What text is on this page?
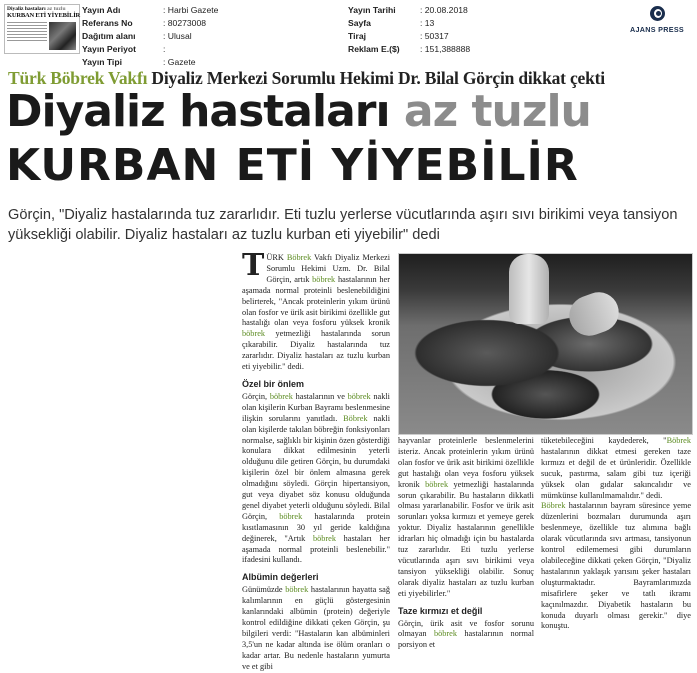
Diyaliz hastaları az tuzlu
KURBAN ETİ YİYEBİLİR
Yayın Adı	: Harbi Gazete
Referans No	: 80273008
Dağıtım alanı	: Ulusal
Yayın Periyot	:
Yayın Tipi	: Gazete
Yayın Tarihi	: 20.08.2018
Sayfa	: 13
Tiraj	: 50317
Reklam E.($) : 151,388888
AJANS PRESS
Türk Böbrek Vakfı Diyaliz Merkezi Sorumlu Hekimi Dr. Bilal Görçin dikkat çekti
Diyaliz hastaları az tuzlu
KURBAN ETİ YİYEBİLİR
Görçin, "Diyaliz hastalarında tuz zararlıdır. Eti tuzlu yerlerse vücutlarında aşırı sıvı birikimi veya tansiyon yüksekliği olabilir. Diyaliz hastaları az tuzlu kurban eti yiyebilir" dedi

TÜRK Böbrek Vakfı Diyaliz Merkezi Sorumlu Hekimi Uzm. Dr. Bilal Görçin, artık böbrek hastalarının her aşamada normal proteinli beslenebildiğini belirterek, "Ancak proteinlerin yıkım ürünü olan fosfor ve ürik asit birikimi özellikle gut hastalığı olan veya fosforu yüksek kronik böbrek yetmezliği hastalarında sorun çıkarabilir. Diyaliz hastalarında tuz zararlıdır. Diyaliz hastaları az tuzlu kurban eti yiyebilir." dedi.

Özel bir önlem

Görçin, böbrek hastalarının ve böbrek nakli olan kişilerin Kurban Bayramı beslenmesine ilişkin sorularını yanıtladı. Böbrek nakli olan kişilerde takılan böbreğin fonksiyonları normalse, sağlıklı bir kişinin özen gösterdiği konulara dikkat edilmesinin yeterli olduğunu dile getiren Görçin, bu durumdaki kişilerin özel bir önlem almasına gerek olmadığını söyledi. Görçin hipertansiyon, gut veya diyabet söz konusu olduğunda genel diyabet yeterli olduğunu söyledi. Bilal Görçin, böbrek hastalarında protein kısıtlamasının 30 yıl geride kaldığına değinerek, "Artık böbrek hastaları her aşamada normal proteinli beslenebilir." ifadesini kullandı.

Albümin değerleri

Günümüzde böbrek hastalarının hayatta sağ kalımlarının en güçlü göstergesinin kanlarındaki albümin (protein) değeriyle kontrol edildiğine dikkati çeken Görçin, şu bilgileri verdi: "Hastaların kan albüminleri 3,5'un ne kadar altında ise ölüm oranları o kadar artar. Bu nedenle hastaların yumurta ve et gibi

hayvanlar proteinlerle beslenmelerini isteriz. Ancak proteinlerin yıkım ürünü olan fosfor ve ürik asit birikimi özellikle gut hastalığı olan veya fosforu yüksek kronik böbrek yetmezliği hastalarında sorun çıkarabilir. Bu hastaların dikkatli olması yararlanabilir. Fosfor ve ürik asit sorunları yoksa kırmızı et yemeye gerek yoktur. Diyaliz hastalarının genellikle idrarları hiç olmadığı için bu hastalarda tuz zararlıdır. Eti tuzlu yerlerse vücutlarında aşırı sıvı birikimi veya tansiyon yüksekliği olabilir. Sonuç olarak diyaliz hastaları az tuzlu kurban eti yiyebilirler."

Taze kırmızı et değil

Görçin, ürik asit ve fosfor sorunu olmayan böbrek hastalarının normal porsiyon et

tüketebileceğini kaydederek, "Böbrek hastalarının dikkat etmesi gereken taze kırmızı et değil de et ürünleridir. Özellikle sucuk, pastırma, salam gibi tuz içeriği yüksek olan gıdalar sakıncalıdır ve mümkünse kullanılmamalıdır." dedi.

Böbrek hastalarının bayram süresince yeme düzenlerini bozmaları durumunda aşırı beslenmeye, özellikle tuz alımına bağlı olarak vücutlarında sıvı artması, tansiyonun kontrol edilememesi gibi durumların olabileceğine dikkati çeken Görçin, "Diyaliz hastalarının yaklaşık yarısını şeker hastaları oluşturmaktadır. Bayramlarımızda misafirlere şeker ve tatlı ikramı kaçınılmazdır. Diyabetik hastaların bu konuda duyarlı olması gerekir." diye konuştu.
